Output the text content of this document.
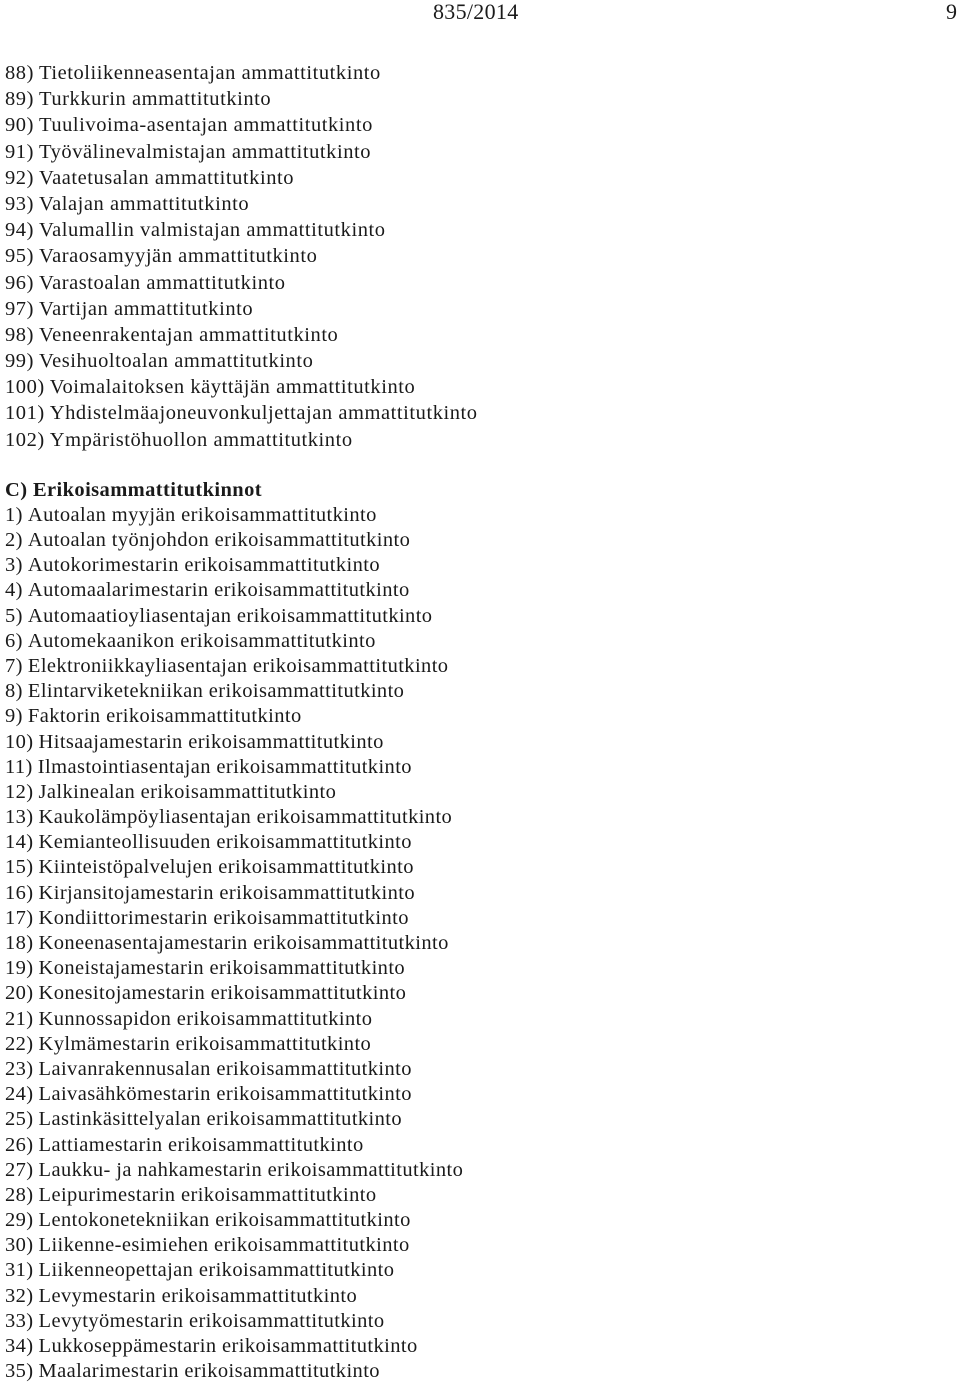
835/2014	9
88) Tietoliikenneasentajan ammattitutkinto
89) Turkkurin ammattitutkinto
90) Tuulivoima-asentajan ammattitutkinto
91) Työvälinevalmistajan ammattitutkinto
92) Vaatetusalan ammattitutkinto
93) Valajan ammattitutkinto
94) Valumallin valmistajan ammattitutkinto
95) Varaosamyyjän ammattitutkinto
96) Varastoalan ammattitutkinto
97) Vartijan ammattitutkinto
98) Veneenrakentajan ammattitutkinto
99) Vesihuoltoalan ammattitutkinto
100) Voimalaitoksen käyttäjän ammattitutkinto
101) Yhdistelmäajoneuvonkuljettajan ammattitutkinto
102) Ympäristöhuollon ammattitutkinto
C) Erikoisammattitutkinnot
1) Autoalan myyjän erikoisammattitutkinto
2) Autoalan työnjohdon erikoisammattitutkinto
3) Autokorimestarin erikoisammattitutkinto
4) Automaalarimestarin erikoisammattitutkinto
5) Automaatioyliasentajan erikoisammattitutkinto
6) Automekaanikon erikoisammattitutkinto
7) Elektroniikkayliasentajan erikoisammattitutkinto
8) Elintarviketekniikan erikoisammattitutkinto
9) Faktorin erikoisammattitutkinto
10) Hitsaajamestarin erikoisammattitutkinto
11) Ilmastointiasentajan erikoisammattitutkinto
12) Jalkinealan erikoisammattitutkinto
13) Kaukolämpöyliasentajan erikoisammattitutkinto
14) Kemianteollisuuden erikoisammattitutkinto
15) Kiinteistöpalvelujen erikoisammattitutkinto
16) Kirjansitojamestarin erikoisammattitutkinto
17) Kondiittorimestarin erikoisammattitutkinto
18) Koneenasentajamestarin erikoisammattitutkinto
19) Koneistajamestarin erikoisammattitutkinto
20) Konesitojamestarin erikoisammattitutkinto
21) Kunnossapidon erikoisammattitutkinto
22) Kylmämestarin erikoisammattitutkinto
23) Laivanrakennusalan erikoisammattitutkinto
24) Laivasähkömestarin erikoisammattitutkinto
25) Lastinkäsittelyalan erikoisammattitutkinto
26) Lattiamestarin erikoisammattitutkinto
27) Laukku- ja nahkamestarin erikoisammattitutkinto
28) Leipurimestarin erikoisammattitutkinto
29) Lentokonetekniikan erikoisammattitutkinto
30) Liikenne-esimiehen erikoisammattitutkinto
31) Liikenneopettajan erikoisammattitutkinto
32) Levymestarin erikoisammattitutkinto
33) Levytyömestarin erikoisammattitutkinto
34) Lukkoseppämestarin erikoisammattitutkinto
35) Maalarimestarin erikoisammattitutkinto
